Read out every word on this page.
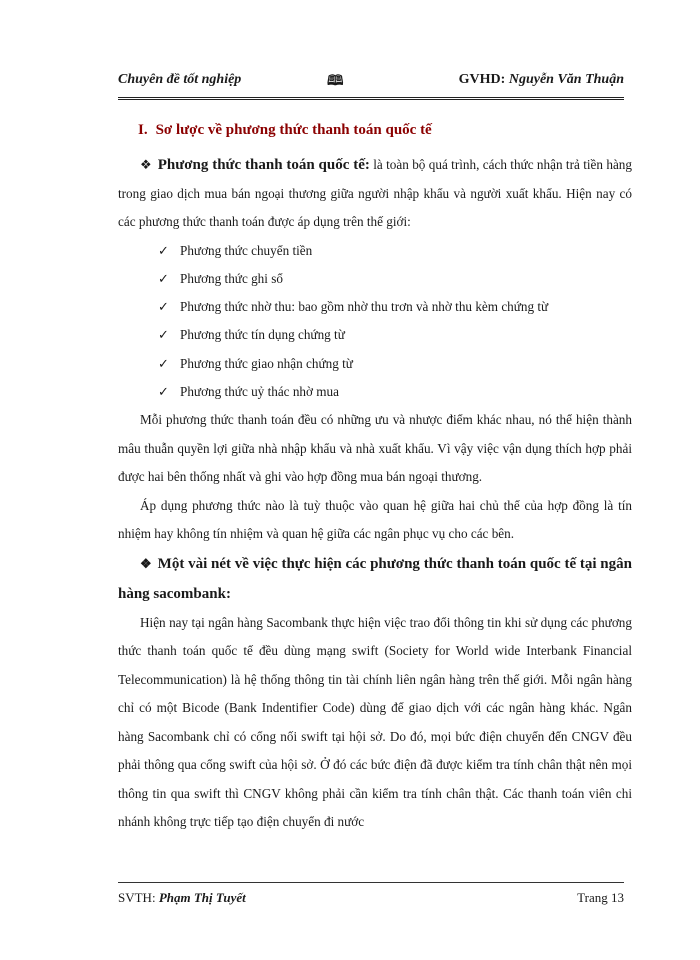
Chuyên đề tốt nghiệp	🕮	GVHD: Nguyễn Văn Thuận
I. Sơ lược về phương thức thanh toán quốc tế

❖ Phương thức thanh toán quốc tế: là toàn bộ quá trình, cách thức nhận trả tiền hàng trong giao dịch mua bán ngoại thương giữa người nhập khẩu và người xuất khẩu. Hiện nay có các phương thức thanh toán được áp dụng trên thế giới:

✓ Phương thức chuyển tiền
✓ Phương thức ghi sổ
✓ Phương thức nhờ thu: bao gồm nhờ thu trơn và nhờ thu kèm chứng từ
✓ Phương thức tín dụng chứng từ
✓ Phương thức giao nhận chứng từ
✓ Phương thức uỷ thác nhờ mua

Mỗi phương thức thanh toán đều có những ưu và nhược điểm khác nhau, nó thể hiện thành mâu thuẫn quyền lợi giữa nhà nhập khẩu và nhà xuất khẩu. Vì vậy việc vận dụng thích hợp phải được hai bên thống nhất và ghi vào hợp đồng mua bán ngoại thương.

Áp dụng phương thức nào là tuỳ thuộc vào quan hệ giữa hai chủ thể của hợp đồng là tín nhiệm hay không tín nhiệm và quan hệ giữa các ngân phục vụ cho các bên.

❖ Một vài nét về việc thực hiện các phương thức thanh toán quốc tế tại ngân hàng sacombank:

Hiện nay tại ngân hàng Sacombank thực hiện việc trao đổi thông tin khi sử dụng các phương thức thanh toán quốc tế đều dùng mạng swift (Society for World wide Interbank Financial Telecommunication) là hệ thống thông tin tài chính liên ngân hàng trên thế giới. Mỗi ngân hàng chỉ có một Bicode (Bank Indentifier Code) dùng để giao dịch với các ngân hàng khác. Ngân hàng Sacombank chỉ có cổng nối swift tại hội sở. Do đó, mọi bức điện chuyển đến CNGV đều phải thông qua cổng swift của hội sở. Ở đó các bức điện đã được kiểm tra tính chân thật nên mọi thông tin qua swift thì CNGV không phải cần kiểm tra tính chân thật. Các thanh toán viên chi nhánh không trực tiếp tạo điện chuyển đi nước

SVTH: Phạm Thị Tuyết	Trang 13
